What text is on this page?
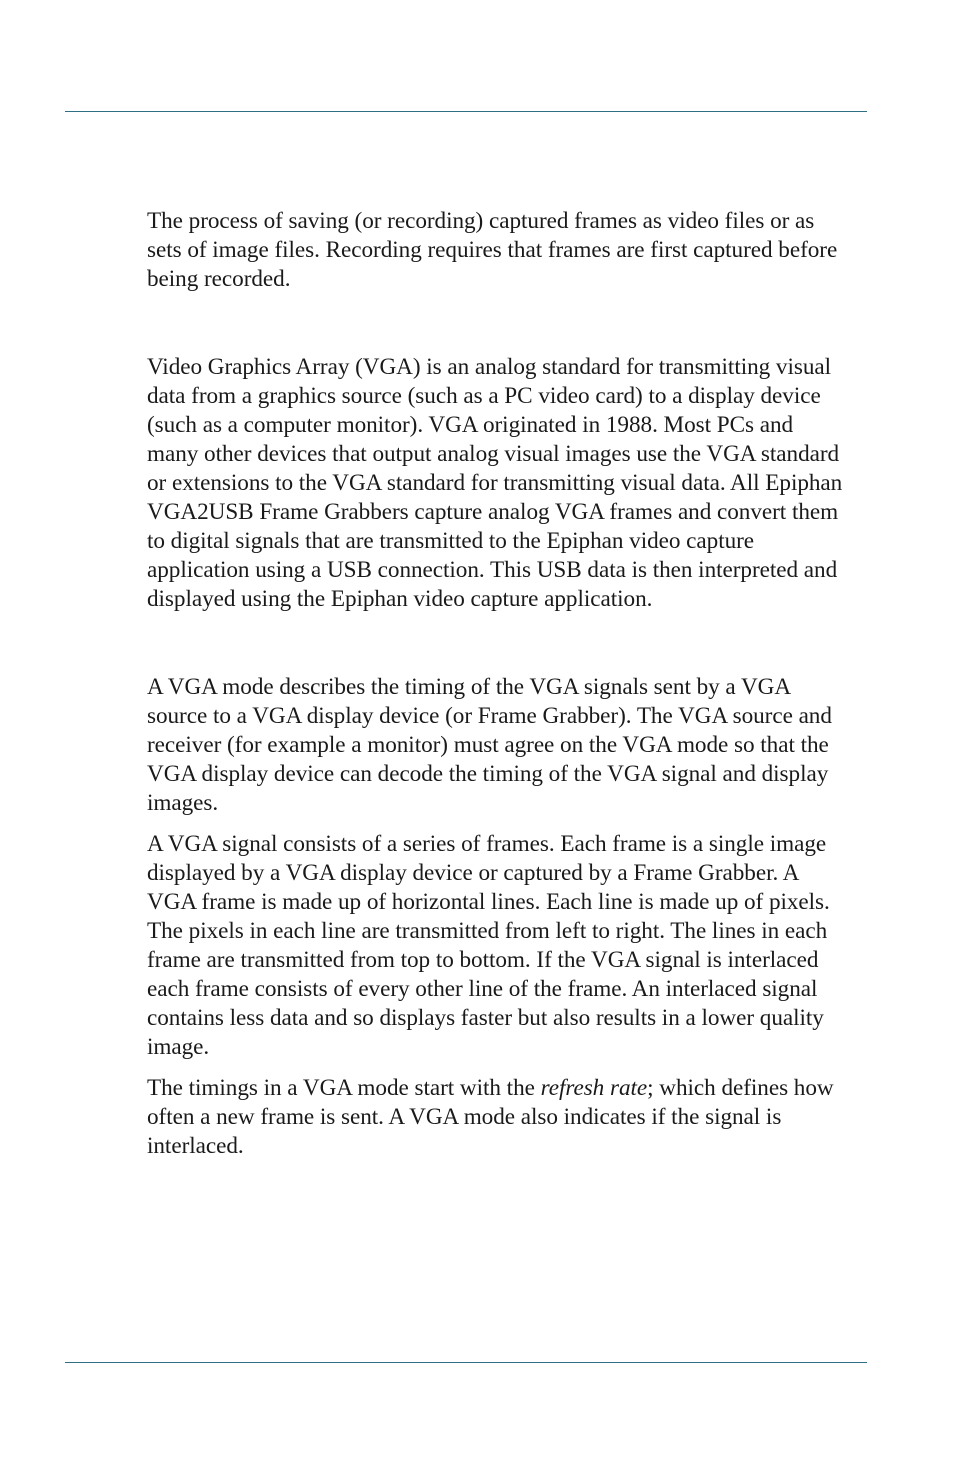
The process of saving (or recording) captured frames as video files or as sets of image files. Recording requires that frames are first captured before being recorded.

Video Graphics Array (VGA) is an analog standard for transmitting visual data from a graphics source (such as a PC video card) to a display device (such as a computer monitor). VGA originated in 1988. Most PCs and many other devices that output analog visual images use the VGA standard or extensions to the VGA standard for transmitting visual data. All Epiphan VGA2USB Frame Grabbers capture analog VGA frames and convert them to digital signals that are transmitted to the Epiphan video capture application using a USB connection. This USB data is then interpreted and displayed using the Epiphan video capture application.

A VGA mode describes the timing of the VGA signals sent by a VGA source to a VGA display device (or Frame Grabber). The VGA source and receiver (for example a monitor) must agree on the VGA mode so that the VGA display device can decode the timing of the VGA signal and display images.

A VGA signal consists of a series of frames. Each frame is a single image displayed by a VGA display device or captured by a Frame Grabber. A VGA frame is made up of horizontal lines. Each line is made up of pixels. The pixels in each line are transmitted from left to right. The lines in each frame are transmitted from top to bottom. If the VGA signal is interlaced each frame consists of every other line of the frame. An interlaced signal contains less data and so displays faster but also results in a lower quality image.

The timings in a VGA mode start with the refresh rate; which defines how often a new frame is sent. A VGA mode also indicates if the signal is interlaced.
